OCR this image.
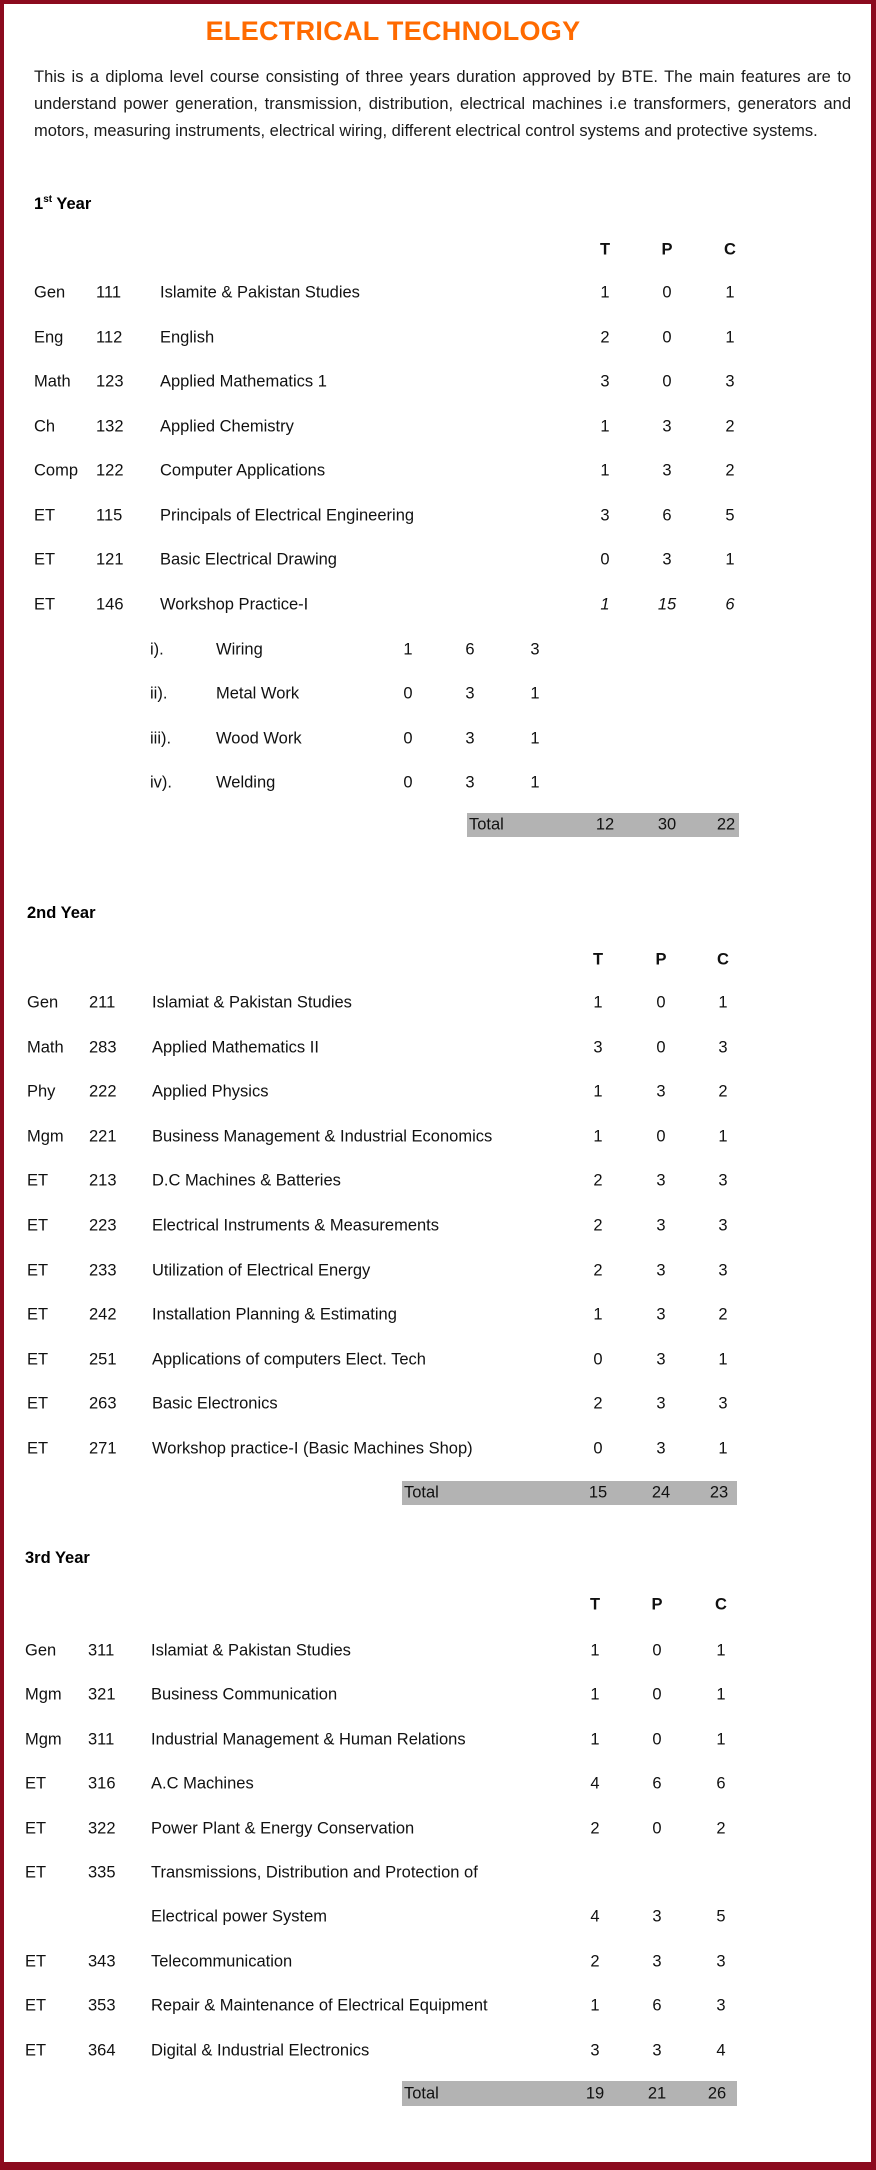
ELECTRICAL TECHNOLOGY
This is a diploma level course consisting of three years duration approved by BTE. The main features are to understand power generation, transmission, distribution, electrical machines i.e transformers, generators and motors, measuring instruments, electrical wiring, different electrical control systems and protective systems.
1st Year
T	P	C
Gen 111 Islamite & Pakistan Studies	1	0	1
Eng 112 English	2	0	1
Math 123 Applied Mathematics 1	3	0	3
Ch 132 Applied Chemistry	1	3	2
Comp 122 Computer Applications	1	3	2
ET 115 Principals of Electrical Engineering	3	6	5
ET 121 Basic Electrical Drawing	0	3	1
ET 146 Workshop Practice-I	1	15	6
i).	Wiring	1	6	3
ii).	Metal Work	0	3	1
iii).	Wood Work	0	3	1
iv).	Welding	0	3	1
Total	12	30	22
2nd Year
T	P	C
Gen 211 Islamiat & Pakistan Studies	1	0	1
Math 283 Applied Mathematics II	3	0	3
Phy 222 Applied Physics	1	3	2
Mgm 221 Business Management & Industrial Economics	1	0	1
ET 213 D.C Machines & Batteries	2	3	3
ET 223 Electrical Instruments & Measurements	2	3	3
ET 233 Utilization of Electrical Energy	2	3	3
ET 242 Installation Planning & Estimating	1	3	2
ET 251 Applications of computers Elect. Tech	0	3	1
ET 263 Basic Electronics	2	3	3
ET 271 Workshop practice-I (Basic Machines Shop)	0	3	1
Total	15	24	23
3rd Year
T	P	C
Gen 311 Islamiat & Pakistan Studies	1	0	1
Mgm 321 Business Communication	1	0	1
Mgm 311 Industrial Management & Human Relations	1	0	1
ET	316 A.C Machines	4	6	6
ET	322 Power Plant & Energy Conservation	2	0	2
ET	335 Transmissions, Distribution and Protection of
Electrical power System	4	3	5
ET	343 Telecommunication	2	3	3
ET	353 Repair & Maintenance of Electrical Equipment	1	6	3
ET	364 Digital & Industrial Electronics	3	3	4
Total	19	21	26
